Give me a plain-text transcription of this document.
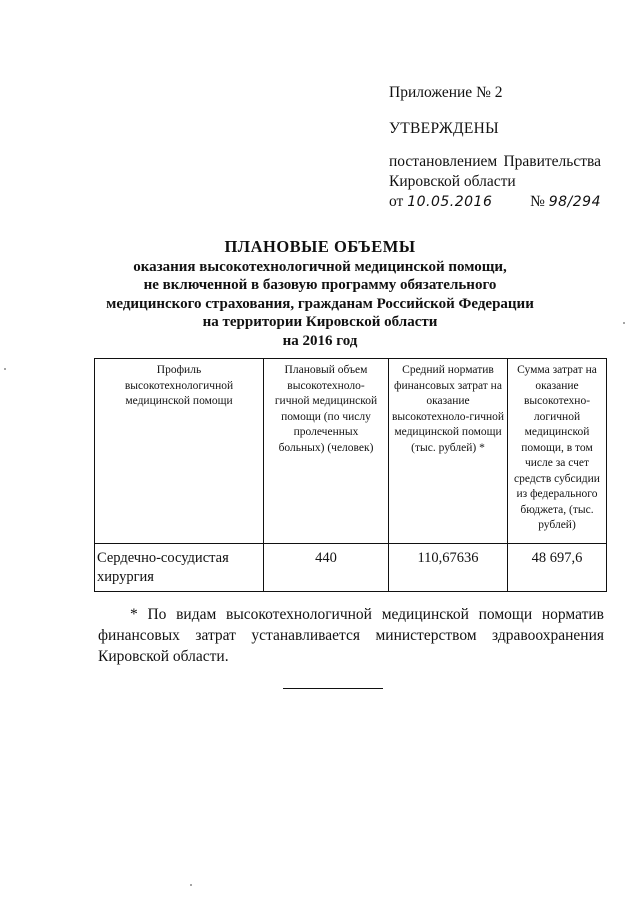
Приложение № 2
УТВЕРЖДЕНЫ
постановлением Правительства
Кировской области
от 10.05.2016 № 98/294
ПЛАНОВЫЕ ОБЪЕМЫ
оказания высокотехнологичной медицинской помощи,
не включенной в базовую программу обязательного
медицинского страхования, гражданам Российской Федерации
на территории Кировской области
на 2016 год
Профиль высокотехнологичной медицинской помощи	Плановый объем высокотехноло-гичной медицинской помощи (по числу пролеченных больных) (человек)	Средний норматив финансовых затрат на оказание высокотехноло-гичной медицинской помощи (тыс. рублей) *	Сумма затрат на оказание высокотехно-логичной медицинской помощи, в том числе за счет средств субсидии из федерального бюджета, (тыс. рублей)

Сердечно-сосудистая хирургия	440	110,67636	48 697,6
* По видам высокотехнологичной медицинской помощи норматив финансовых затрат устанавливается министерством здравоохранения Кировской области.
